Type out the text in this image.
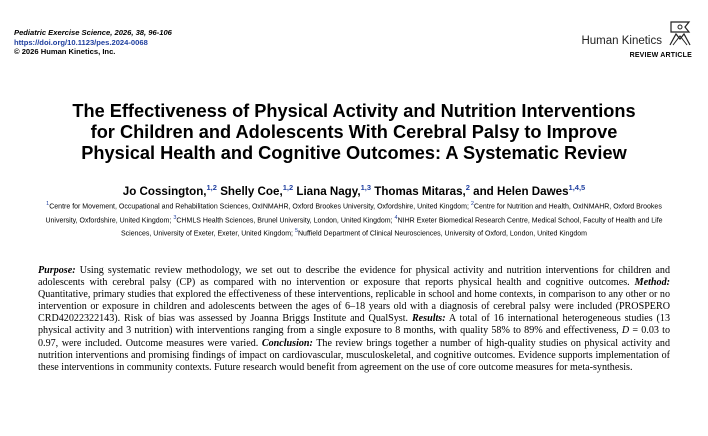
Pediatric Exercise Science, 2026, 38, 96-106
https://doi.org/10.1123/pes.2024-0068
© 2026 Human Kinetics, Inc.
Human Kinetics
REVIEW ARTICLE
The Effectiveness of Physical Activity and Nutrition Interventions
for Children and Adolescents With Cerebral Palsy to Improve
Physical Health and Cognitive Outcomes: A Systematic Review
Jo Cossington,$^{1,2}$ Shelly Coe,$^{1,2}$ Liana Nagy,$^{1,3}$ Thomas Mitaras,$^2$ and Helen Dawes$^{1,4,5}$
$^1$Centre for Movement, Occupational and Rehabilitation Sciences, OxINMAHR, Oxford Brookes University, Oxfordshire, United Kingdom; $^2$Centre for Nutrition and Health, OxINMAHR, Oxford Brookes University, Oxfordshire, United Kingdom; $^3$CHMLS Health Sciences, Brunel University, London, United Kingdom; $^4$NIHR Exeter Biomedical Research Centre, Medical School, Faculty of Health and Life Sciences, University of Exeter, Exeter, United Kingdom; $^5$Nuffield Department of Clinical Neurosciences, University of Oxford, London, United Kingdom
Purpose: Using systematic review methodology, we set out to describe the evidence for physical activity and nutrition interventions for children and adolescents with cerebral palsy (CP) as compared with no intervention or exposure that reports physical health and cognitive outcomes. Method: Quantitative, primary studies that explored the effectiveness of these interventions, replicable in school and home contexts, in comparison to any other or no intervention or exposure in children and adolescents between the ages of 6–18 years old with a diagnosis of cerebral palsy were included (PROSPERO CRD42022322143). Risk of bias was assessed by Joanna Briggs Institute and QualSyst. Results: A total of 16 international heterogeneous studies (13 physical activity and 3 nutrition) with interventions ranging from a single exposure to 8 months, with quality 58% to 89% and effectiveness, D = 0.03 to 0.97, were included. Outcome measures were varied. Conclusion: The review brings together a number of high-quality studies on physical activity and nutrition interventions and promising findings of impact on cardiovascular, musculoskeletal, and cognitive outcomes. Evidence supports implementation of these interventions in community contexts. Future research would benefit from agreement on the use of core outcome measures for meta-synthesis.
